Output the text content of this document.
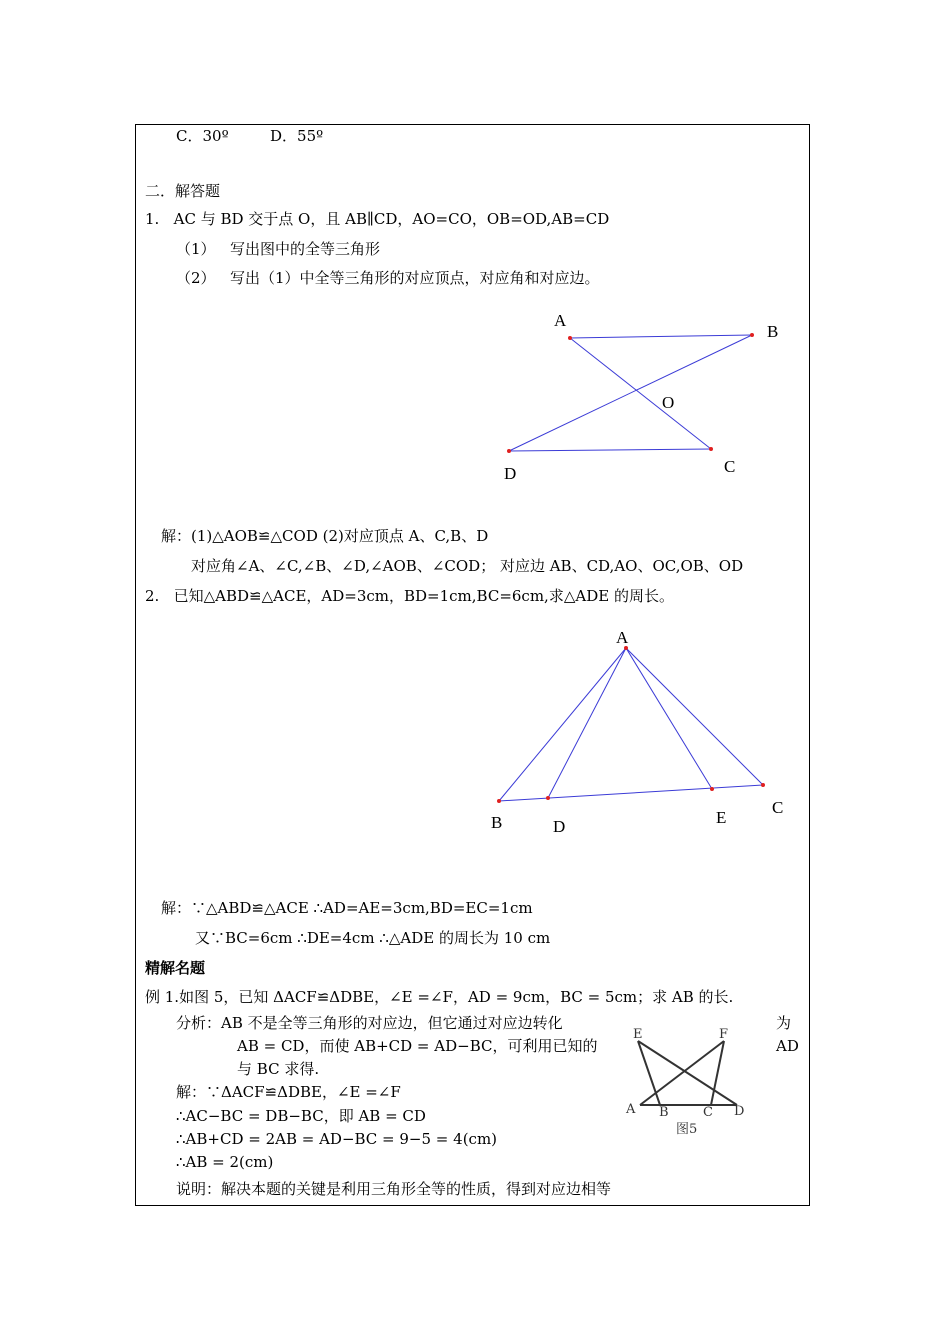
C．30º	D．55º
二．解答题
1.   AC 与 BD 交于点 O，且 AB∥CD，AO=CO，OB=OD,AB=CD
（1） 写出图中的全等三角形
（2） 写出（1）中全等三角形的对应顶点，对应角和对应边。
A
B
O
D	C
解：(1)△AOB≌△COD (2)对应顶点 A、C,B、D
对应角∠A、∠C,∠B、∠D,∠AOB、∠COD； 对应边 AB、CD,AO、OC,OB、OD
2.   已知△ABD≌△ACE，AD=3cm，BD=1cm,BC=6cm,求△ADE 的周长。
A
B	D	E
C
解：∵△ABD≌△ACE ∴AD=AE=3cm,BD=EC=1cm
又∵BC=6cm ∴DE=4cm ∴△ADE 的周长为 10 cm
精解名题
例 1.如图 5，已知 ΔACF≌ΔDBE，∠E =∠F，AD = 9cm，BC = 5cm；求 AB 的长.
分析：AB 不是全等三角形的对应边，但它通过对应边转化	为
AB = CD，而使 AB+CD = AD−BC，可利用已知的	AD
与 BC 求得.
解：∵ΔACF≌ΔDBE，∠E =∠F
∴AC−BC = DB−BC，即 AB = CD
∴AB+CD = 2AB = AD−BC = 9−5 = 4(cm)
∴AB = 2(cm)
说明：解决本题的关键是利用三角形全等的性质，得到对应边相等
E	F
A B	C D
图5
